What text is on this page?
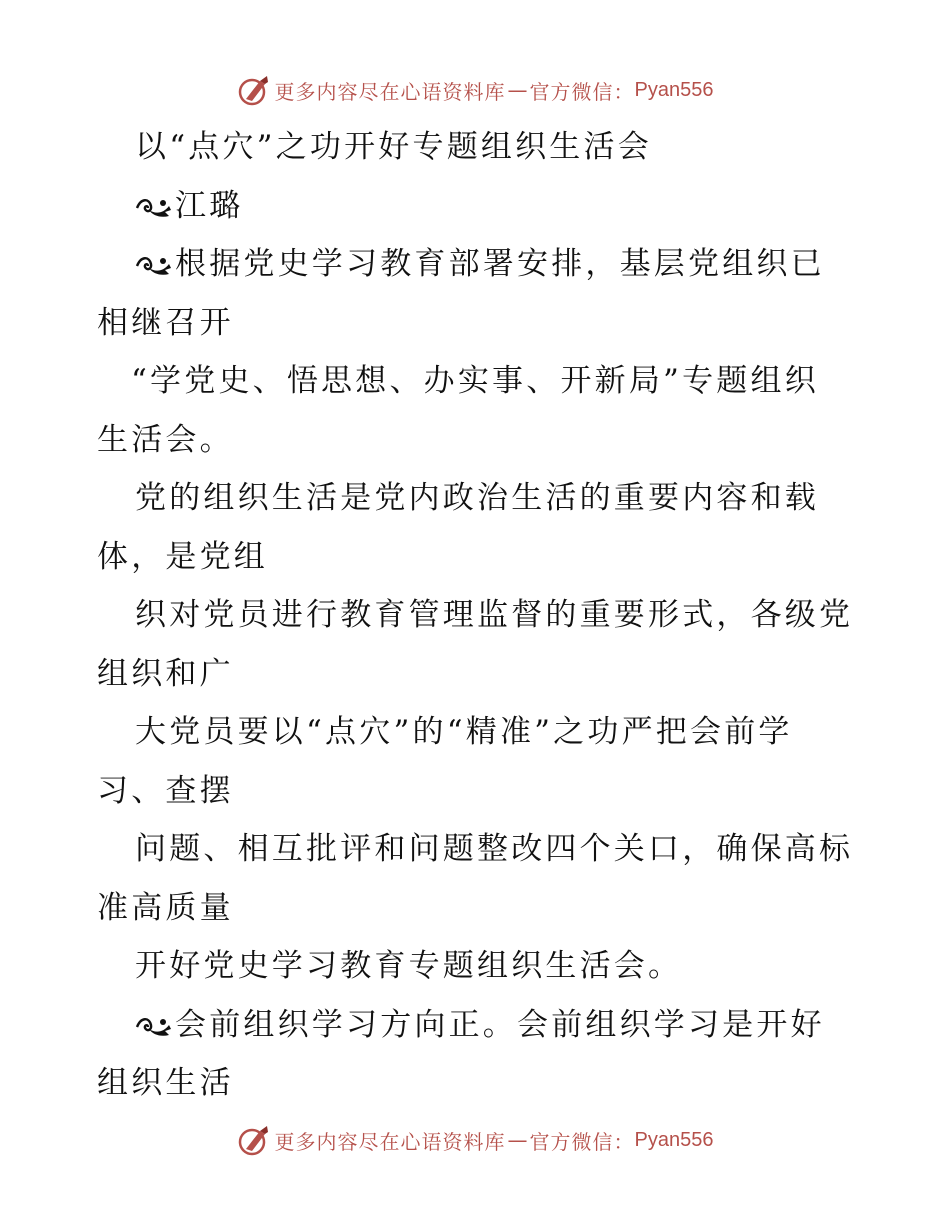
更多内容尽在心语资料库 — 官方微信： Pyan556
以“点穴”之功开好专题组织生活会
江璐
根据党史学习教育部署安排，基层党组织已
相继召开
“学党史、悟思想、办实事、开新局”专题组织
生活会。
党的组织生活是党内政治生活的重要内容和载
体，是党组
织对党员进行教育管理监督的重要形式，各级党
组织和广
大党员要以“点穴”的“精准”之功严把会前学
习、查摆
问题、相互批评和问题整改四个关口，确保高标
准高质量
开好党史学习教育专题组织生活会。
会前组织学习方向正。会前组织学习是开好
组织生活
更多内容尽在心语资料库 — 官方微信： Pyan556
